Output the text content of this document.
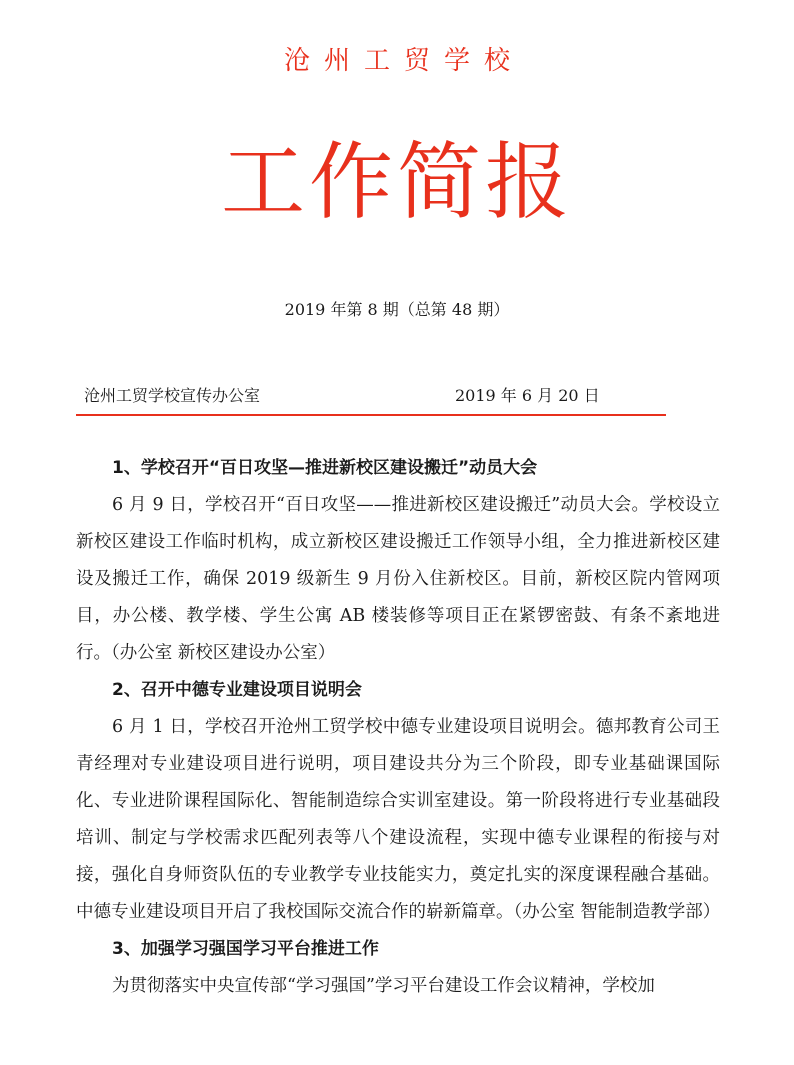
沧州工贸学校
工作简报
2019 年第 8 期（总第 48 期）
沧州工贸学校宣传办公室	2019 年 6 月 20 日

1、学校召开“百日攻坚—推进新校区建设搬迁”动员大会

6 月 9 日，学校召开“百日攻坚——推进新校区建设搬迁”动员大会。学校设立新校区建设工作临时机构，成立新校区建设搬迁工作领导小组，全力推进新校区建设及搬迁工作，确保 2019 级新生 9 月份入住新校区。目前，新校区院内管网项目，办公楼、教学楼、学生公寓 AB 楼装修等项目正在紧锣密鼓、有条不紊地进行。（办公室 新校区建设办公室）

2、召开中德专业建设项目说明会

6 月 1 日，学校召开沧州工贸学校中德专业建设项目说明会。德邦教育公司王青经理对专业建设项目进行说明，项目建设共分为三个阶段，即专业基础课国际化、专业进阶课程国际化、智能制造综合实训室建设。第一阶段将进行专业基础段培训、制定与学校需求匹配列表等八个建设流程，实现中德专业课程的衔接与对接，强化自身师资队伍的专业教学专业技能实力，奠定扎实的深度课程融合基础。中德专业建设项目开启了我校国际交流合作的崭新篇章。（办公室 智能制造教学部）

3、加强学习强国学习平台推进工作

为贯彻落实中央宣传部“学习强国”学习平台建设工作会议精神，学校加
